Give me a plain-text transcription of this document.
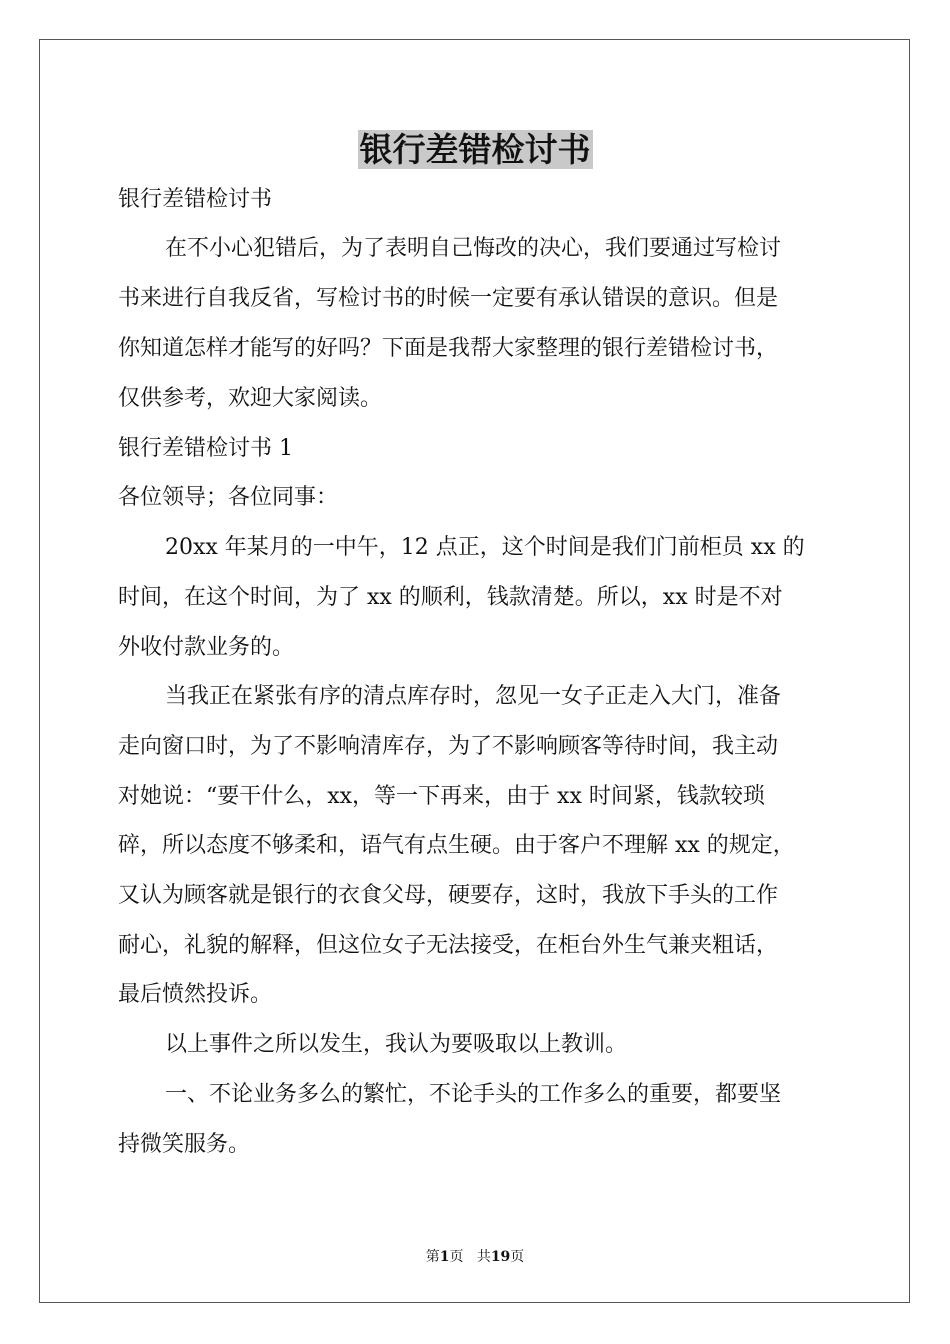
银行差错检讨书
银行差错检讨书
在不小心犯错后，为了表明自己悔改的决心，我们要通过写检讨
书来进行自我反省，写检讨书的时候一定要有承认错误的意识。但是
你知道怎样才能写的好吗？下面是我帮大家整理的银行差错检讨书，
仅供参考，欢迎大家阅读。
银行差错检讨书 1
各位领导；各位同事：
20xx 年某月的一中午，12 点正，这个时间是我们门前柜员 xx 的
时间，在这个时间，为了 xx 的顺利，钱款清楚。所以，xx 时是不对
外收付款业务的。
当我正在紧张有序的清点库存时，忽见一女子正走入大门，准备
走向窗口时，为了不影响清库存，为了不影响顾客等待时间，我主动
对她说：“要干什么，xx，等一下再来，由于 xx 时间紧，钱款较琐
碎，所以态度不够柔和，语气有点生硬。由于客户不理解 xx 的规定，
又认为顾客就是银行的衣食父母，硬要存，这时，我放下手头的工作
耐心，礼貌的解释，但这位女子无法接受，在柜台外生气兼夹粗话，
最后愤然投诉。
以上事件之所以发生，我认为要吸取以上教训。
一、不论业务多么的繁忙，不论手头的工作多么的重要，都要坚
持微笑服务。
第1页 共19页
